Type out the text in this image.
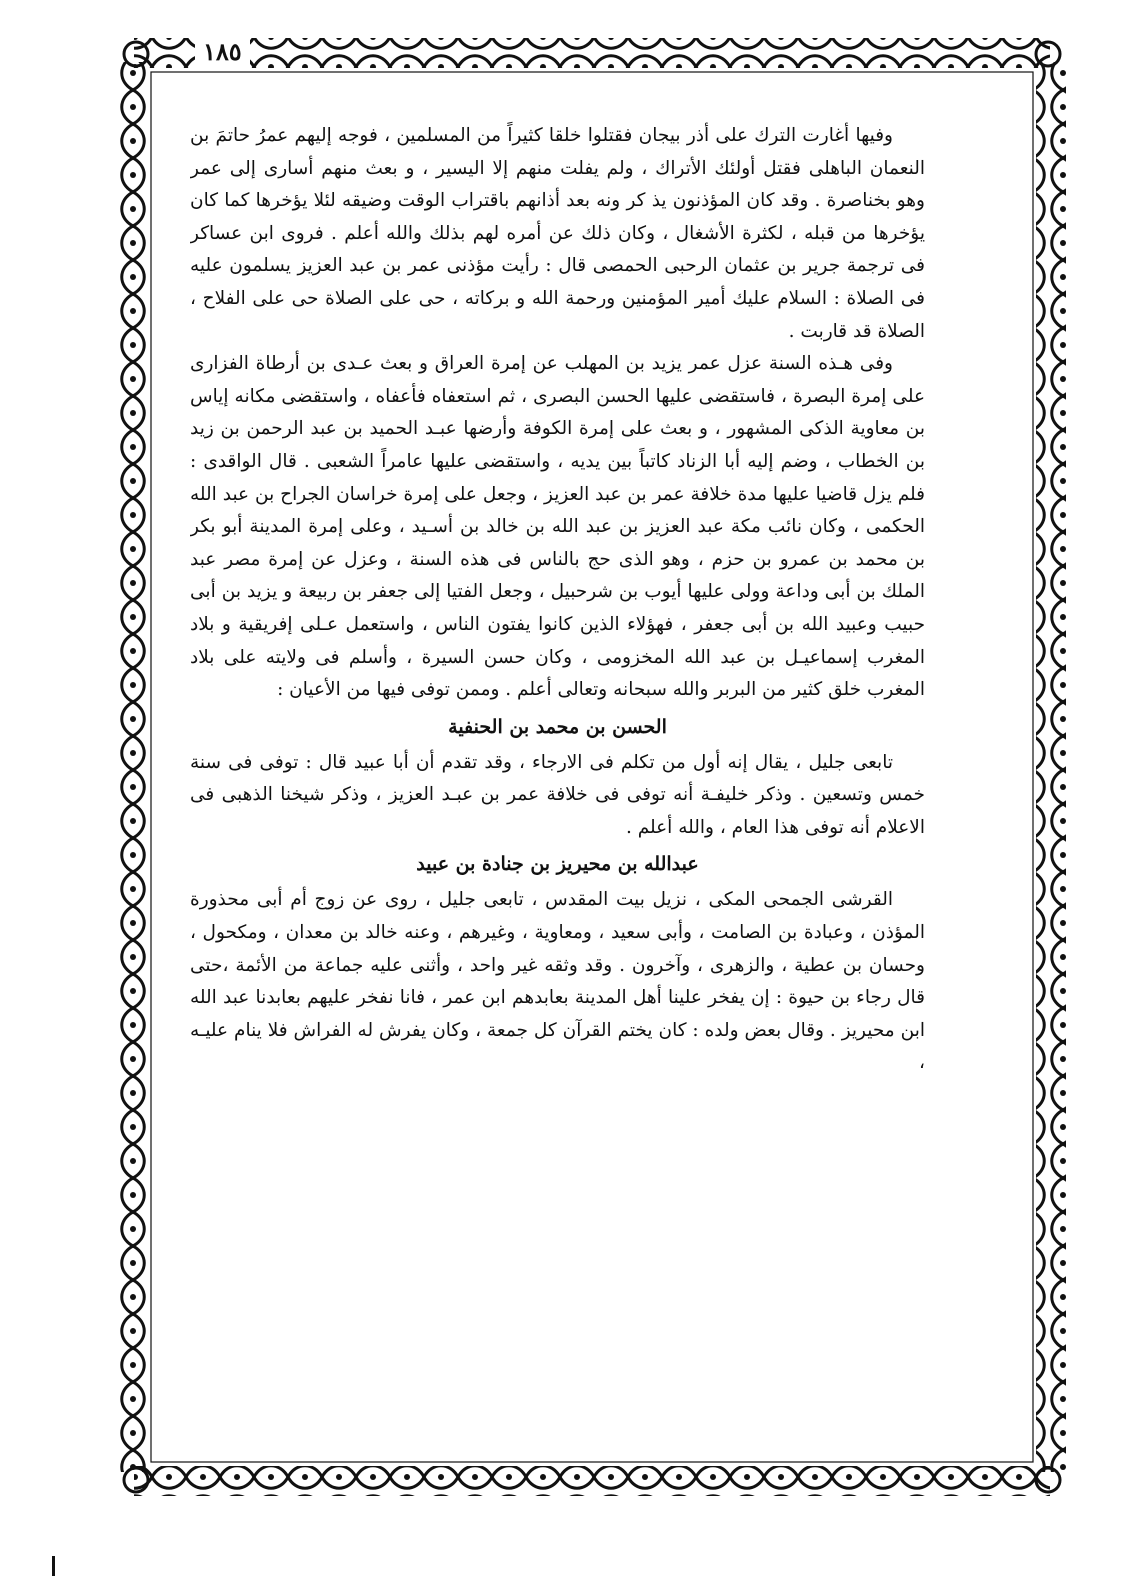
١٨٥

وفيها أغارت الترك على أذر بيجان فقتلوا خلقا كثيراً من المسلمين ، فوجه إليهم عمرُ حاتمَ بن النعمان الباهلى فقتل أولئك الأتراك ، ولم يفلت منهم إلا اليسير ، و بعث منهم أسارى إلى عمر وهو بخناصرة . وقد كان المؤذنون يذ كر ونه بعد أذانهم باقتراب الوقت وضيقه لئلا يؤخرها كما كان يؤخرها من قبله ، لكثرة الأشغال ، وكان ذلك عن أمره لهم بذلك والله أعلم . فروى ابن عساكر فى ترجمة جرير بن عثمان الرحبى الحمصى قال : رأيت مؤذنى عمر بن عبد العزيز يسلمون عليه فى الصلاة : السلام عليك أمير المؤمنين ورحمة الله و بركاته ، حى على الصلاة حى على الفلاح ، الصلاة قد قاربت .

وفى هـذه السنة عزل عمر يزيد بن المهلب عن إمرة العراق و بعث عـدى بن أرطاة الفزارى على إمرة البصرة ، فاستقضى عليها الحسن البصرى ، ثم استعفاه فأعفاه ، واستقضى مكانه إياس بن معاوية الذكى المشهور ، و بعث على إمرة الكوفة وأرضها عبـد الحميد بن عبد الرحمن بن زيد بن الخطاب ، وضم إليه أبا الزناد كاتباً بين يديه ، واستقضى عليها عامراً الشعبى . قال الواقدى : فلم يزل قاضيا عليها مدة خلافة عمر بن عبد العزيز ، وجعل على إمرة خراسان الجراح بن عبد الله الحكمى ، وكان نائب مكة عبد العزيز بن عبد الله بن خالد بن أسـيد ، وعلى إمرة المدينة أبو بكر بن محمد بن عمرو بن حزم ، وهو الذى حج بالناس فى هذه السنة ، وعزل عن إمرة مصر عبد الملك بن أبى وداعة وولى عليها أيوب بن شرحبيل ، وجعل الفتيا إلى جعفر بن ربيعة و يزيد بن أبى حبيب وعبيد الله بن أبى جعفر ، فهؤلاء الذين كانوا يفتون الناس ، واستعمل عـلى إفريقية و بلاد المغرب إسماعيـل بن عبد الله المخزومى ، وكان حسن السيرة ، وأسلم فى ولايته على بلاد المغرب خلق كثير من البربر والله سبحانه وتعالى أعلم . وممن توفى فيها من الأعيان :

الحسن بن محمد بن الحنفية

تابعى جليل ، يقال إنه أول من تكلم فى الارجاء ، وقد تقدم أن أبا عبيد قال : توفى فى سنة خمس وتسعين . وذكر خليفـة أنه توفى فى خلافة عمر بن عبـد العزيز ، وذكر شيخنا الذهبى فى الاعلام أنه توفى هذا العام ، والله أعلم .

عبدالله بن محيريز بن جنادة بن عبيد

القرشى الجمحى المكى ، نزيل بيت المقدس ، تابعى جليل ، روى عن زوج أم أبى محذورة المؤذن ، وعبادة بن الصامت ، وأبى سعيد ، ومعاوية ، وغيرهم ، وعنه خالد بن معدان ، ومكحول ، وحسان بن عطية ، والزهرى ، وآخرون . وقد وثقه غير واحد ، وأثنى عليه جماعة من الأئمة ،حتى قال رجاء بن حيوة : إن يفخر علينا أهل المدينة بعابدهم ابن عمر ، فانا نفخر عليهم بعابدنا عبد الله ابن محيريز . وقال بعض ولده : كان يختم القرآن كل جمعة ، وكان يفرش له الفراش فلا ينام عليـه ،
